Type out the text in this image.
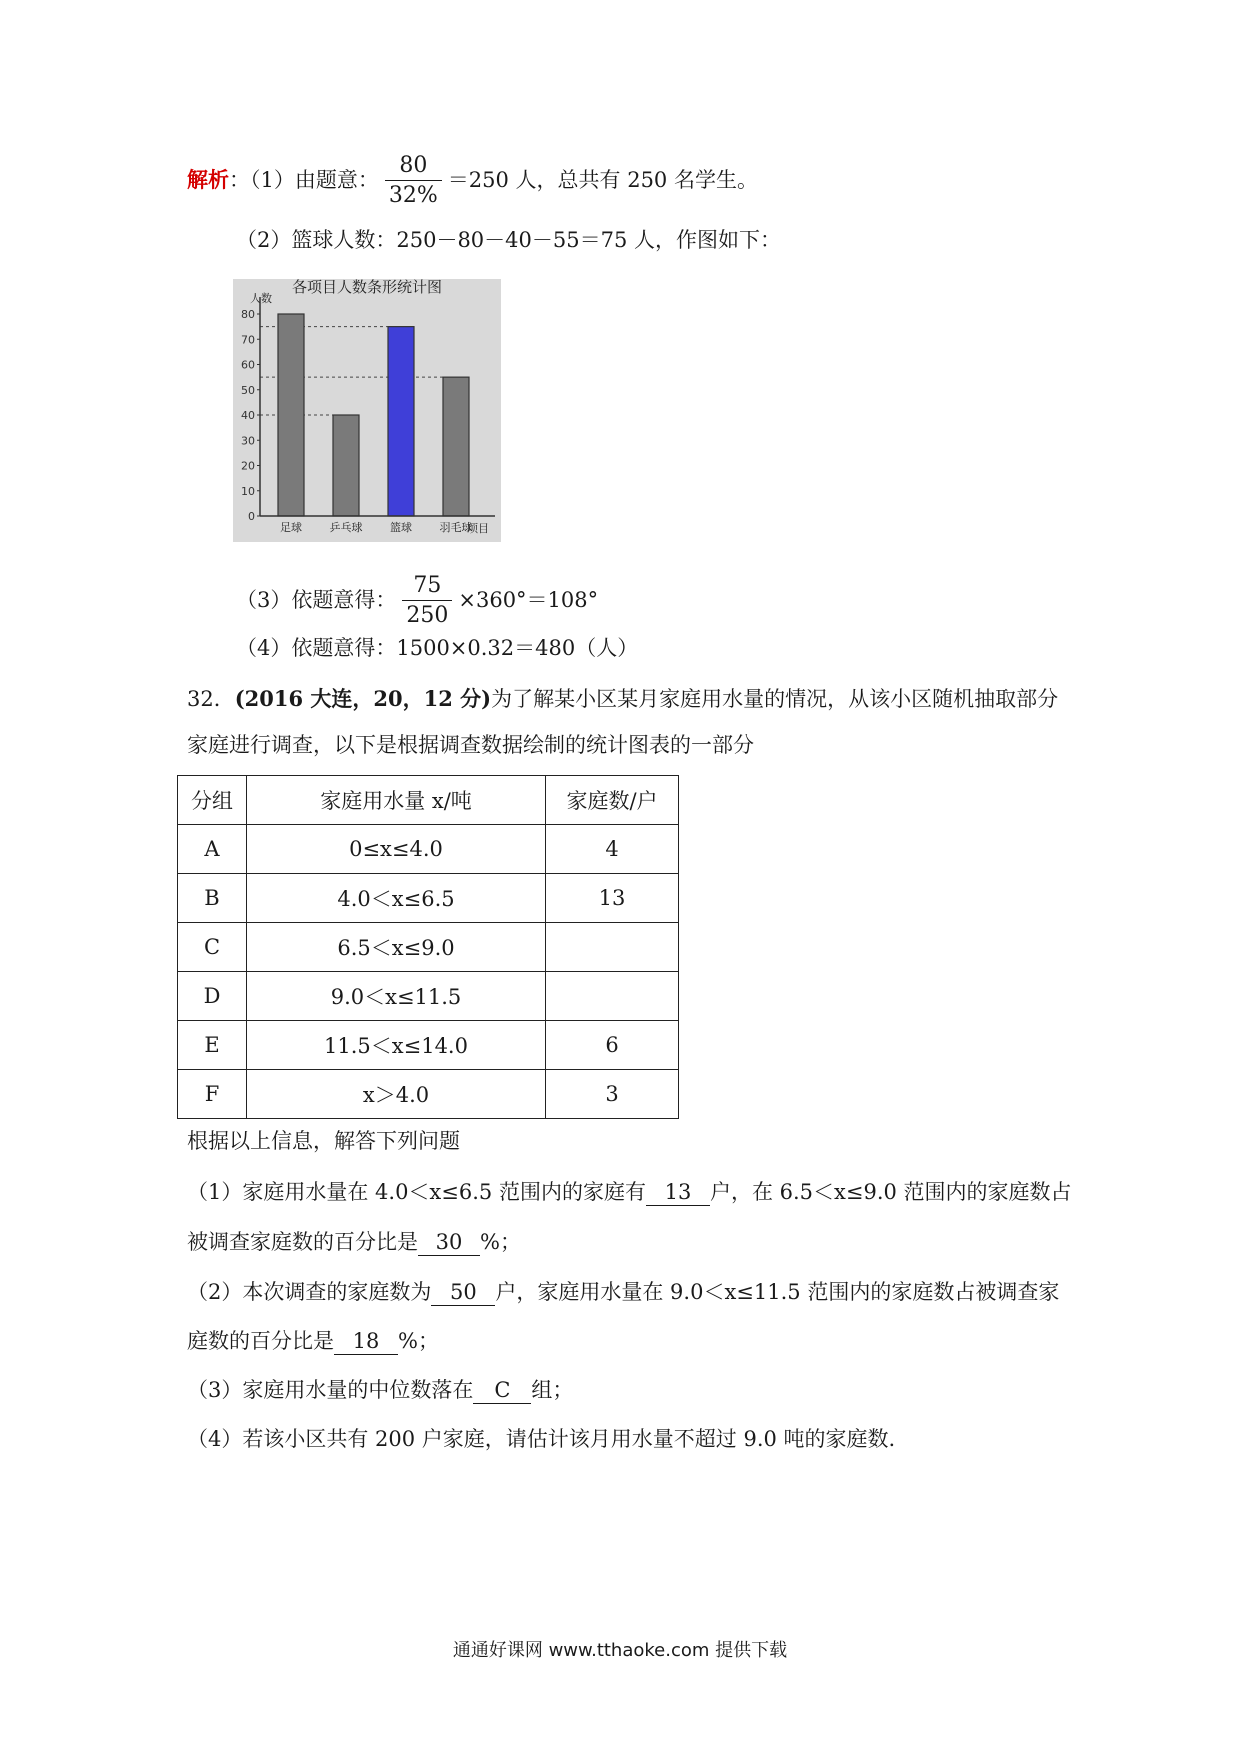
解析：（1）由题意： $\frac{80}{32\%} =250$ 人，总共有 250 名学生。
（2）篮球人数：250－80－40－55＝75 人，作图如下：
各项目人数条形统计图
人数
项目
0
10
20
30
40
50
60
70
80
足球	乒乓球	篮球	羽毛球
（3）依题意得： $\frac{75}{250} \times 360^\circ=108^\circ$
（4）依题意得：1500×0.32＝480（人）
32．(2016 大连，20，12 分)为了解某小区某月家庭用水量的情况，从该小区随机抽取部分
家庭进行调查，以下是根据调查数据绘制的统计图表的一部分
分组	家庭用水量 x/吨	家庭数/户
A	0≤x≤4.0	4
B	4.0＜x≤6.5	13
C	6.5＜x≤9.0	
D	9.0＜x≤11.5	
E	11.5＜x≤14.0	6
F	x＞4.0	3
根据以上信息，解答下列问题
（1）家庭用水量在 4.0＜x≤6.5 范围内的家庭有 13 户，在 6.5＜x≤9.0 范围内的家庭数占
被调查家庭数的百分比是 30 %；
（2）本次调查的家庭数为 50 户，家庭用水量在 9.0＜x≤11.5 范围内的家庭数占被调查家
庭数的百分比是 18 %；
（3）家庭用水量的中位数落在 C 组；
（4）若该小区共有 200 户家庭，请估计该月用水量不超过 9.0 吨的家庭数.
通通好课网 www.tthaoke.com 提供下载
